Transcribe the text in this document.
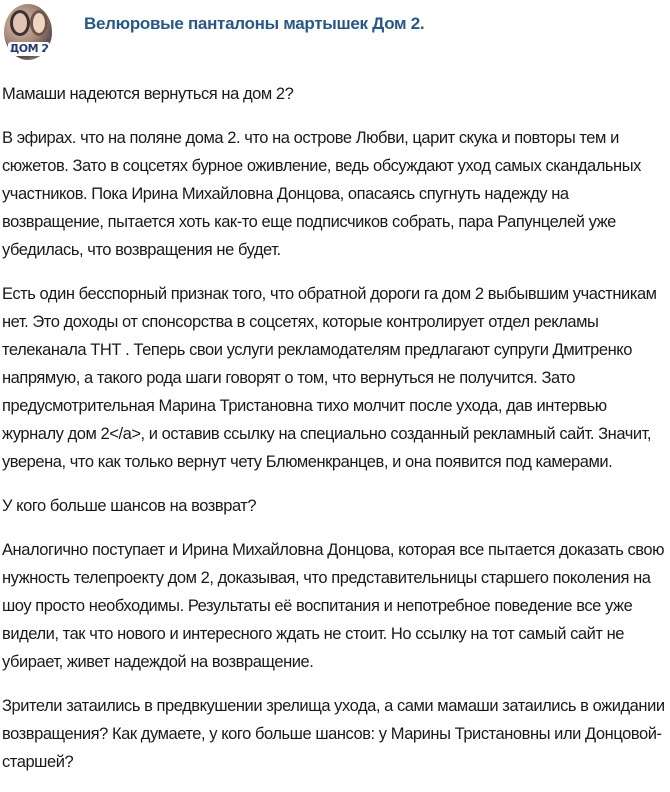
ДОМ 2
Велюровые панталоны мартышек Дом 2.

Мамаши надеются вернуться на дом 2?

В эфирах. что на поляне дома 2. что на острове Любви, царит скука и повторы тем и сюжетов. Зато в соцсетях бурное оживление, ведь обсуждают уход самых скандальных участников. Пока Ирина Михайловна Донцова, опасаясь спугнуть надежду на возвращение, пытается хоть как-то еще подписчиков собрать, пара Рапунцелей уже убедилась, что возвращения не будет.

Есть один бесспорный признак того, что обратной дороги га дом 2 выбывшим участникам нет. Это доходы от спонсорства в соцсетях, которые контролирует отдел рекламы телеканала ТНТ . Теперь свои услуги рекламодателям предлагают супруги Дмитренко напрямую, а такого рода шаги говорят о том, что вернуться не получится. Зато предусмотрительная Марина Тристановна тихо молчит после ухода, дав интервью журналу дом 2</a>, и оставив ссылку на специально созданный рекламный сайт. Значит, уверена, что как только вернут чету Блюменкранцев, и она появится под камерами.

У кого больше шансов на возврат?

Аналогично поступает и Ирина Михайловна Донцова, которая все пытается доказать свою нужность телепроекту дом 2, доказывая, что представительницы старшего поколения на шоу просто необходимы. Результаты её воспитания и непотребное поведение все уже видели, так что нового и интересного ждать не стоит. Но ссылку на тот самый сайт не убирает, живет надеждой на возвращение.

Зрители затаились в предвкушении зрелища ухода, а сами мамаши затаились в ожидании возвращения? Как думаете, у кого больше шансов: у Марины Тристановны или Донцовой-старшей?
